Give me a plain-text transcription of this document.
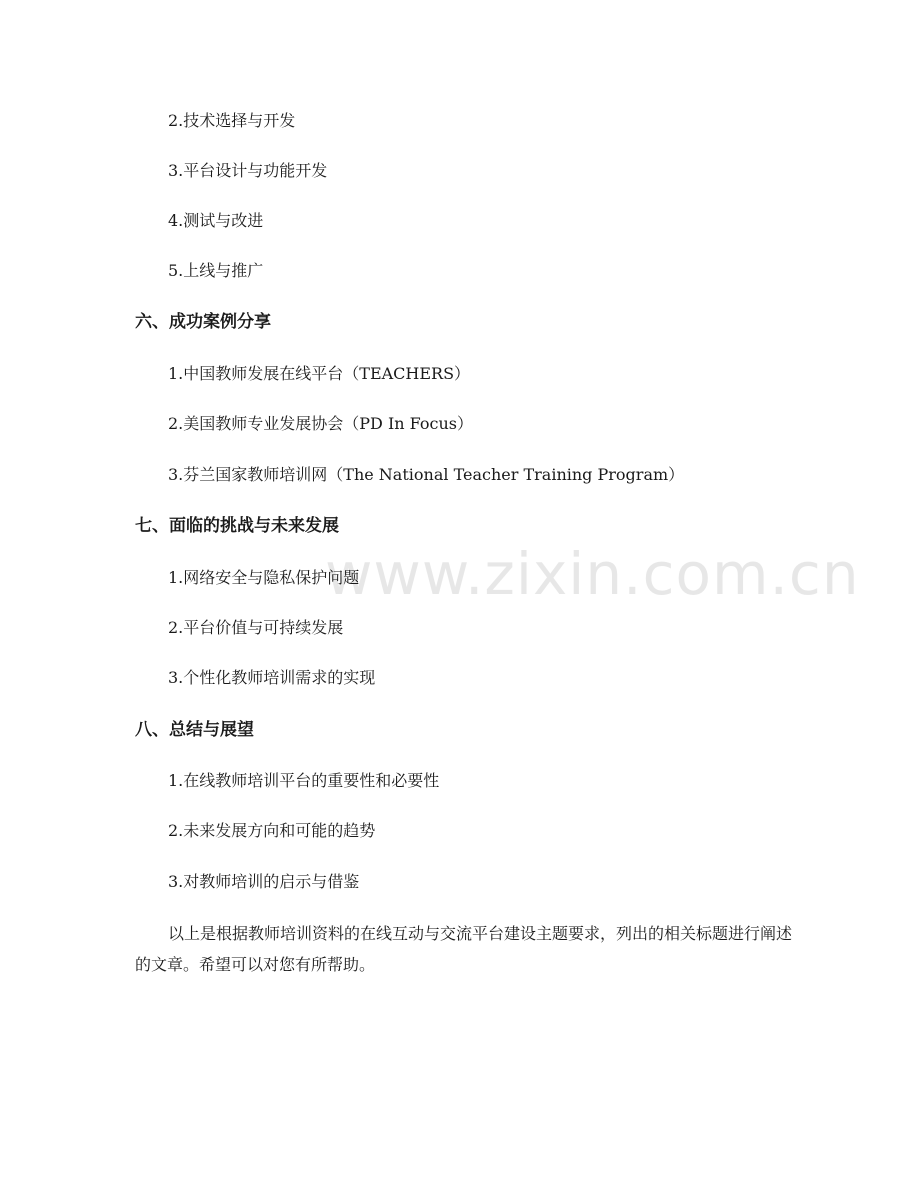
www.zixin.com.cn
2.技术选择与开发
3.平台设计与功能开发
4.测试与改进
5.上线与推广
六、成功案例分享
1.中国教师发展在线平台（TEACHERS）
2.美国教师专业发展协会（PD In Focus）
3.芬兰国家教师培训网（The National Teacher Training Program）
七、面临的挑战与未来发展
1.网络安全与隐私保护问题
2.平台价值与可持续发展
3.个性化教师培训需求的实现
八、总结与展望
1.在线教师培训平台的重要性和必要性
2.未来发展方向和可能的趋势
3.对教师培训的启示与借鉴
以上是根据教师培训资料的在线互动与交流平台建设主题要求，列出的相关标题进行阐述的文章。希望可以对您有所帮助。
